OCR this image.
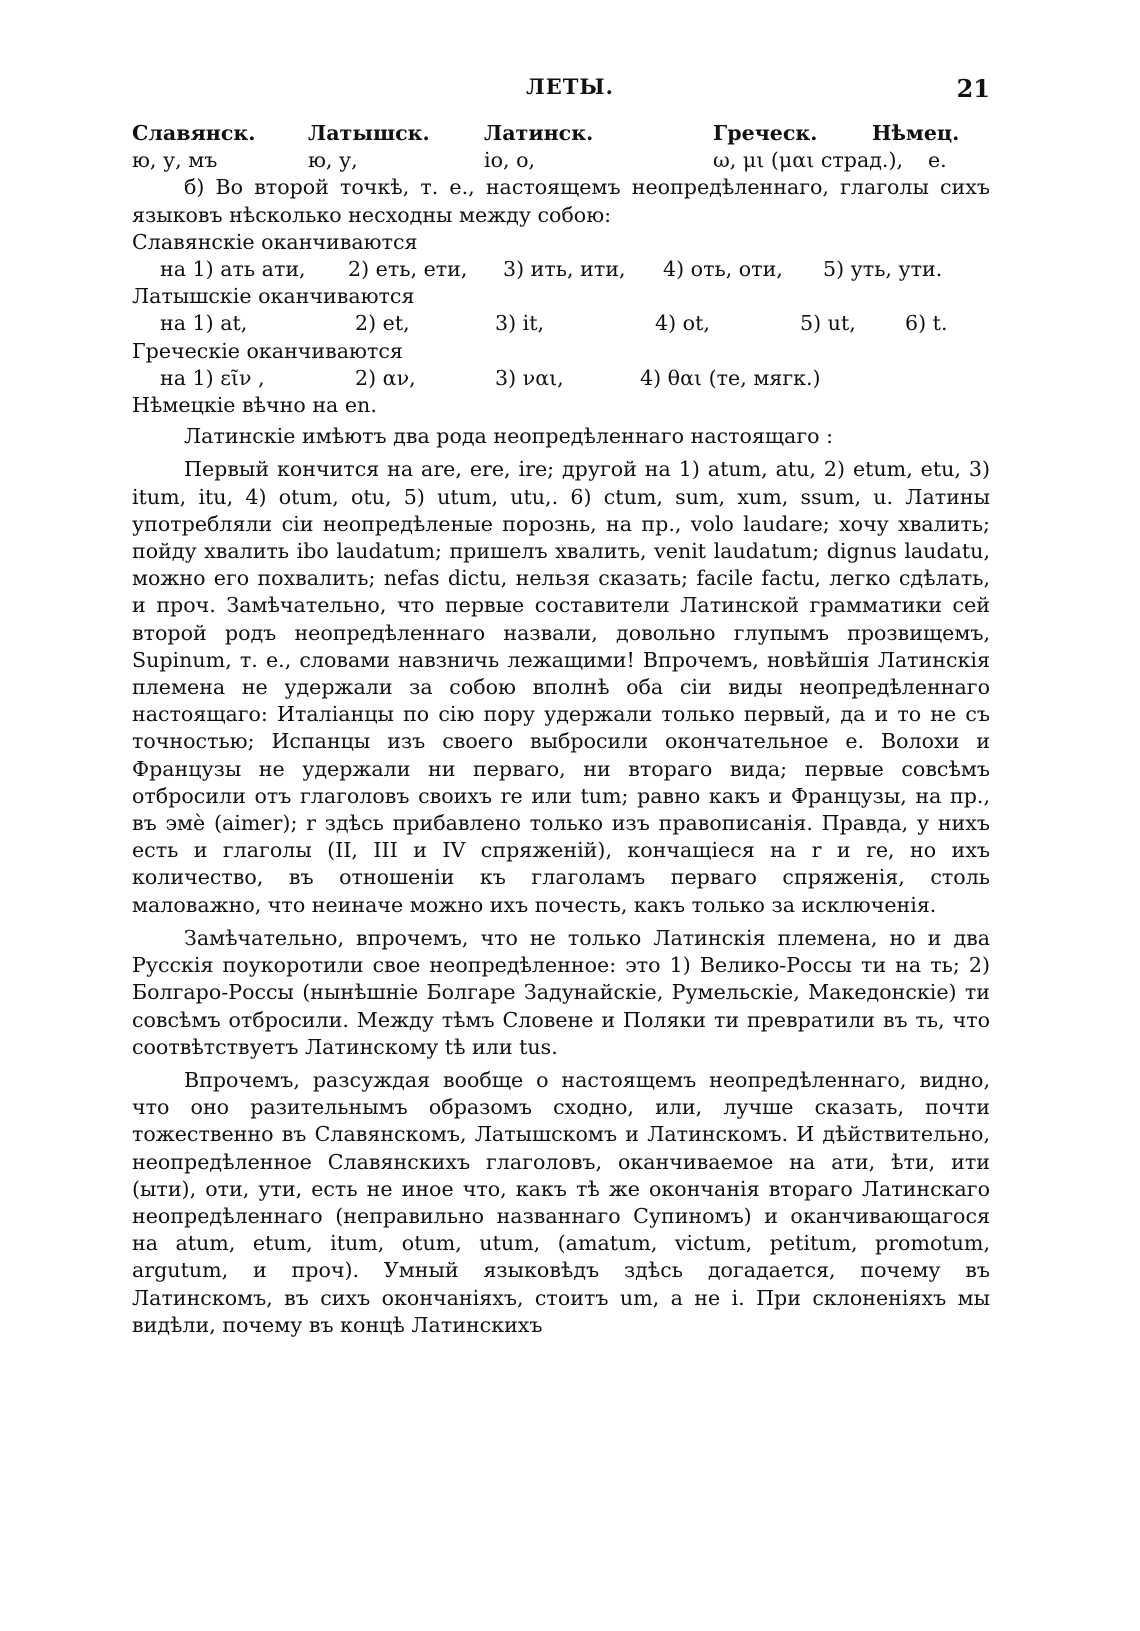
ЛЕТЫ.	21
Славянск.	Латышск.	Латинск.	Греческ.	Нѣмец.
ю, у, мъ	ю, у,	io, o,	ω, μι (μαι страд.),	e.

б) Во второй точкѣ, т. е., настоящемъ неопредѣленнаго, глаголы сихъ языковъ нѣсколько несходны между собою:

Славянскіе оканчиваются
на 1) ать ати,	2) еть, ети,	3) ить, ити,	4) оть, оти,	5) уть, ути.
Латышскіе оканчиваются
на 1) at,	2) et,	3) it,	4) ot,	5) ut,	6) t.
Греческіе оканчиваются
на 1) εῖν ,	2) αν,	3) ναι,	4) θαι (те, мягк.)
Нѣмецкіе вѣчно на en.

Латинскіе имѣютъ два рода неопредѣленнаго настоящаго :

Первый кончится на are, ere, ire; другой на 1) atum, atu, 2) etum, etu, 3) itum, itu, 4) otum, otu, 5) utum, utu,. 6) ctum, sum, xum, ssum, u. Латины употребляли сіи неопредѣленые порознь, на пр., volo laudare; хочу хвалить; пойду хвалить ibo laudatum; пришелъ хвалить, venit laudatum; dignus laudatu, можно его похвалить; nefas dictu, нельзя сказать; facile factu, легко сдѣлать, и проч. Замѣчательно, что первые составители Латинской грамматики сей второй родъ неопредѣленнаго назвали, довольно глупымъ прозвищемъ, Supinum, т. е., словами навзничь лежащими! Впрочемъ, новѣйшія Латинскія племена не удержали за собою вполнѣ оба сіи виды неопредѣленнаго настоящаго: Италіанцы по сію пору удержали только первый, да и то не съ точностью; Испанцы изъ своего выбросили окончательное e. Волохи и Французы не удержали ни перваго, ни втораго вида; первые совсѣмъ отбросили отъ глаголовъ своихъ re или tum; равно какъ и Французы, на пр., въ эмè (aimer); r здѣсь прибавлено только изъ правописанія. Правда, у нихъ есть и глаголы (II, III и IV спряженій), кончащіеся на r и re, но ихъ количество, въ отношеніи къ глаголамъ перваго спряженія, столь маловажно, что неиначе можно ихъ почесть, какъ только за исключенія.

Замѣчательно, впрочемъ, что не только Латинскія племена, но и два Русскія поукоротили свое неопредѣленное: это 1) Велико-Россы ти на ть; 2) Болгаро-Россы (нынѣшніе Болгаре Задунайскіе, Румельскіе, Македонскіе) ти совсѣмъ отбросили. Между тѣмъ Словене и Поляки ти превратили въ ть, что соотвѣтствуетъ Латинскому tѣ или tus.

Впрочемъ, разсуждая вообще о настоящемъ неопредѣленнаго, видно, что оно разительнымъ образомъ сходно, или, лучше сказать, почти тожественно въ Славянскомъ, Латышскомъ и Латинскомъ. И дѣйствительно, неопредѣленное Славянскихъ глаголовъ, оканчиваемое на ати, ѣти, ити (ыти), оти, ути, есть не иное что, какъ тѣ же окончанія втораго Латинскаго неопредѣленнаго (неправильно названнаго Супиномъ) и оканчивающагося на atum, etum, itum, otum, utum, (amatum, victum, petitum, promotum, argutum, и проч). Умный языковѣдъ здѣсь догадается, почему въ Латинскомъ, въ сихъ окончаніяхъ, стоитъ um, а не i. При склоненіяхъ мы видѣли, почему въ концѣ Латинскихъ
